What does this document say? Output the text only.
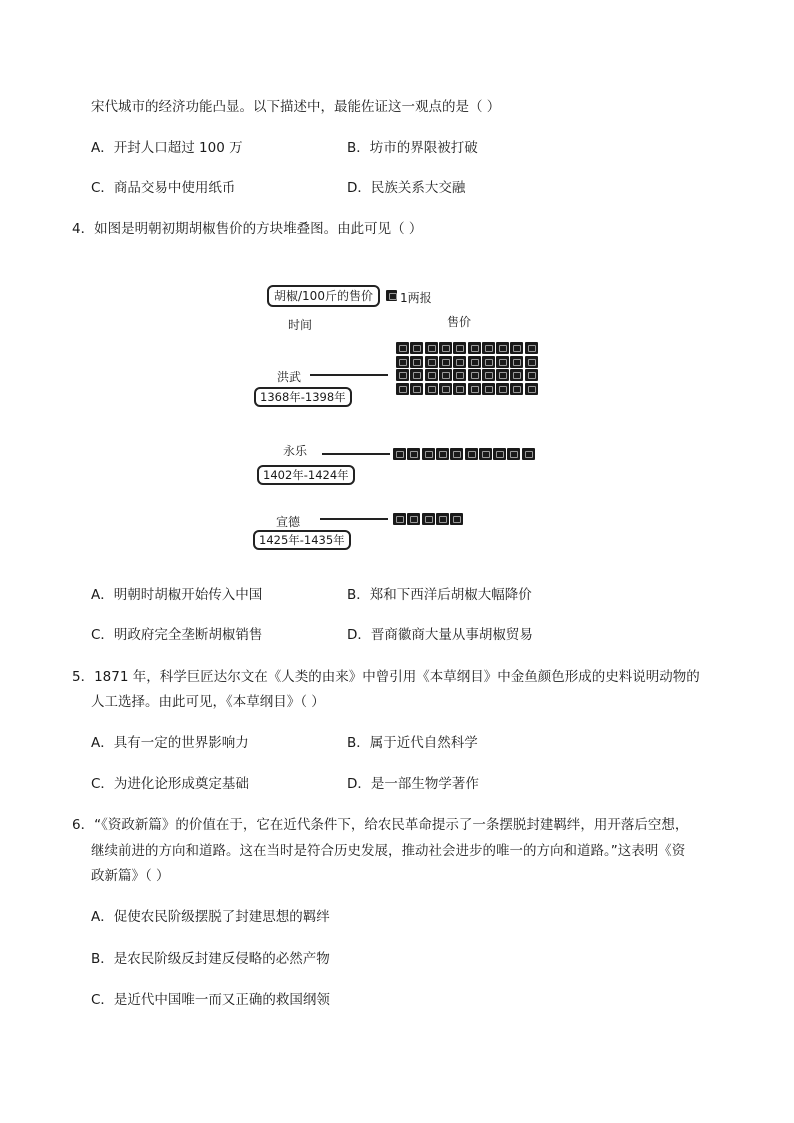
宋代城市的经济功能凸显。以下描述中，最能佐证这一观点的是（ ）
A．开封人口超过 100 万	B．坊市的界限被打破
C．商品交易中使用纸币	D．民族关系大交融
4．如图是明朝初期胡椒售价的方块堆叠图。由此可见（ ）
胡椒/100斤的售价	1两报
时间	售价
洪武
1368年-1398年
永乐
1402年-1424年
宣德
1425年-1435年
A．明朝时胡椒开始传入中国	B．郑和下西洋后胡椒大幅降价
C．明政府完全垄断胡椒销售	D．晋商徽商大量从事胡椒贸易
5．1871 年，科学巨匠达尔文在《人类的由来》中曾引用《本草纲目》中金鱼颜色形成的史料说明动物的
人工选择。由此可见，《本草纲目》（ ）
A．具有一定的世界影响力	B．属于近代自然科学
C．为进化论形成奠定基础	D．是一部生物学著作
6．“《资政新篇》的价值在于，它在近代条件下，给农民革命提示了一条摆脱封建羁绊，用开落后空想，
继续前进的方向和道路。这在当时是符合历史发展，推动社会进步的唯一的方向和道路。”这表明《资
政新篇》（ ）
A．促使农民阶级摆脱了封建思想的羁绊
B．是农民阶级反封建反侵略的必然产物
C．是近代中国唯一而又正确的救国纲领
